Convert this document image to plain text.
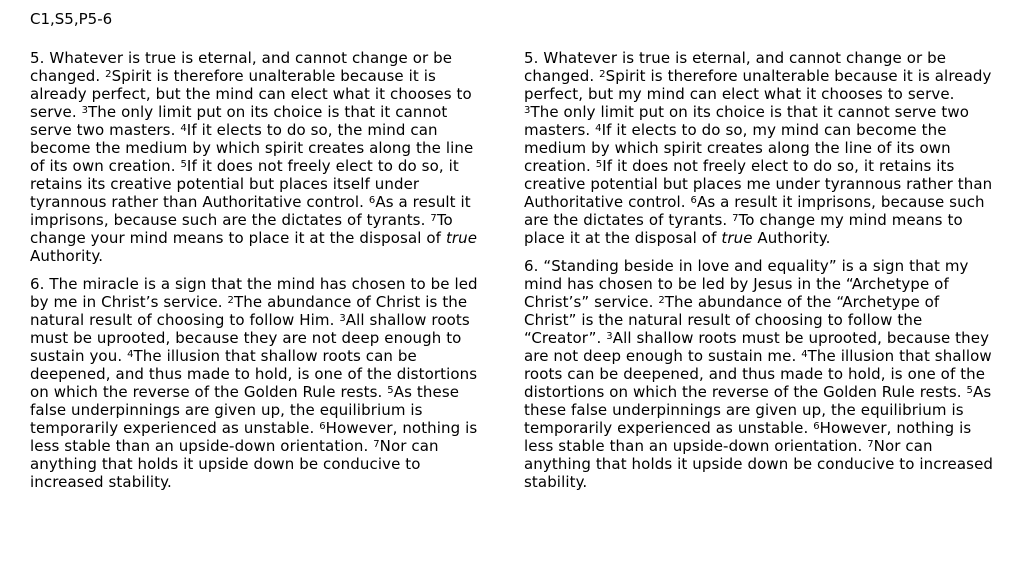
C1,S5,P5-6

5. Whatever is true is eternal, and cannot change or be changed. $^2$Spirit is therefore unalterable because it is already perfect, but the mind can elect what it chooses to serve. $^3$The only limit put on its choice is that it cannot serve two masters. $^4$If it elects to do so, the mind can become the medium by which spirit creates along the line of its own creation. $^5$If it does not freely elect to do so, it retains its creative potential but places itself under tyrannous rather than Authoritative control. $^6$As a result it imprisons, because such are the dictates of tyrants. $^7$To change your mind means to place it at the disposal of true Authority.

6. The miracle is a sign that the mind has chosen to be led by me in Christ’s service. $^2$The abundance of Christ is the natural result of choosing to follow Him. $^3$All shallow roots must be uprooted, because they are not deep enough to sustain you. $^4$The illusion that shallow roots can be deepened, and thus made to hold, is one of the distortions on which the reverse of the Golden Rule rests. $^5$As these false underpinnings are given up, the equilibrium is temporarily experienced as unstable. $^6$However, nothing is less stable than an upside-down orientation. $^7$Nor can anything that holds it upside down be conducive to increased stability.

5. Whatever is true is eternal, and cannot change or be changed. $^2$Spirit is therefore unalterable because it is already perfect, but my mind can elect what it chooses to serve. $^3$The only limit put on its choice is that it cannot serve two masters. $^4$If it elects to do so, my mind can become the medium by which spirit creates along the line of its own creation. $^5$If it does not freely elect to do so, it retains its creative potential but places me under tyrannous rather than Authoritative control. $^6$As a result it imprisons, because such are the dictates of tyrants. $^7$To change my mind means to place it at the disposal of true Authority.

6. “Standing beside in love and equality” is a sign that my mind has chosen to be led by Jesus in the “Archetype of Christ’s” service. $^2$The abundance of the “Archetype of Christ” is the natural result of choosing to follow the “Creator”. $^3$All shallow roots must be uprooted, because they are not deep enough to sustain me. $^4$The illusion that shallow roots can be deepened, and thus made to hold, is one of the distortions on which the reverse of the Golden Rule rests. $^5$As these false underpinnings are given up, the equilibrium is temporarily experienced as unstable. $^6$However, nothing is less stable than an upside-down orientation. $^7$Nor can anything that holds it upside down be conducive to increased stability.
